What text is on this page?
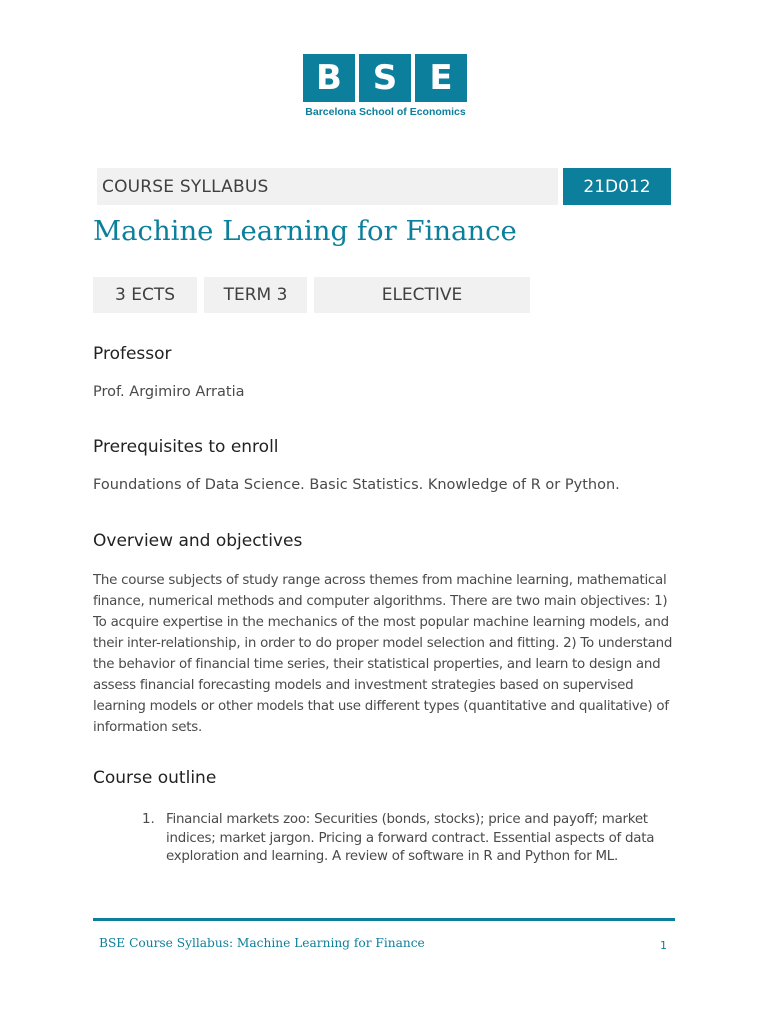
B S E
Barcelona School of Economics
COURSE SYLLABUS	21D012
Machine Learning for Finance
3 ECTS	TERM 3	ELECTIVE
Professor

Prof. Argimiro Arratia

Prerequisites to enroll

Foundations of Data Science. Basic Statistics. Knowledge of R or Python.

Overview and objectives

The course subjects of study range across themes from machine learning, mathematical finance, numerical methods and computer algorithms. There are two main objectives: 1) To acquire expertise in the mechanics of the most popular machine learning models, and their inter-relationship, in order to do proper model selection and fitting. 2) To understand the behavior of financial time series, their statistical properties, and learn to design and assess financial forecasting models and investment strategies based on supervised learning models or other models that use different types (quantitative and qualitative) of information sets.

Course outline
1. Financial markets zoo: Securities (bonds, stocks); price and payoff; market indices; market jargon. Pricing a forward contract. Essential aspects of data exploration and learning. A review of software in R and Python for ML.
BSE Course Syllabus: Machine Learning for Finance	1
